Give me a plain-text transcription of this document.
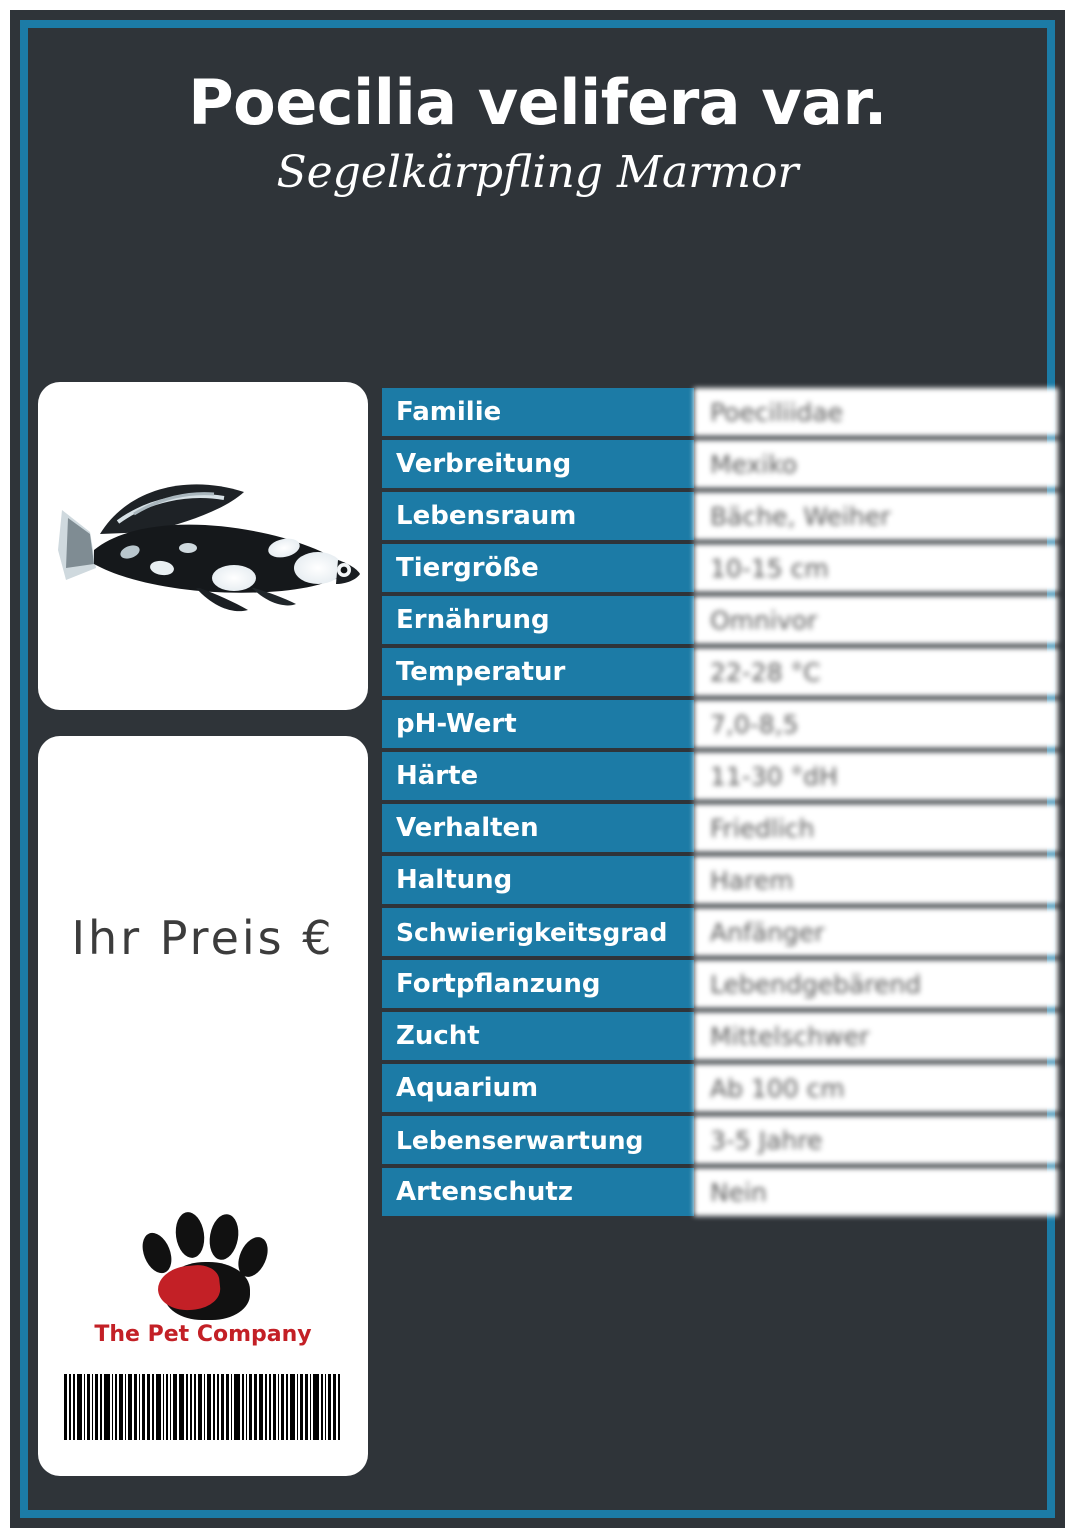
Poecilia velifera var.
Segelkärpfling Marmor
Ihr Preis €
The Pet Company
Familie	Poeciliidae
Verbreitung	Mexiko
Lebensraum	Bäche, Weiher
Tiergröße	10-15 cm
Ernährung	Omnivor
Temperatur	22-28 °C
pH-Wert	7,0-8,5
Härte	11-30 °dH
Verhalten	Friedlich
Haltung	Harem
Schwierigkeitsgrad	Anfänger
Fortpflanzung	Lebendgebärend
Zucht	Mittelschwer
Aquarium	Ab 100 cm
Lebenserwartung	3-5 Jahre
Artenschutz	Nein
